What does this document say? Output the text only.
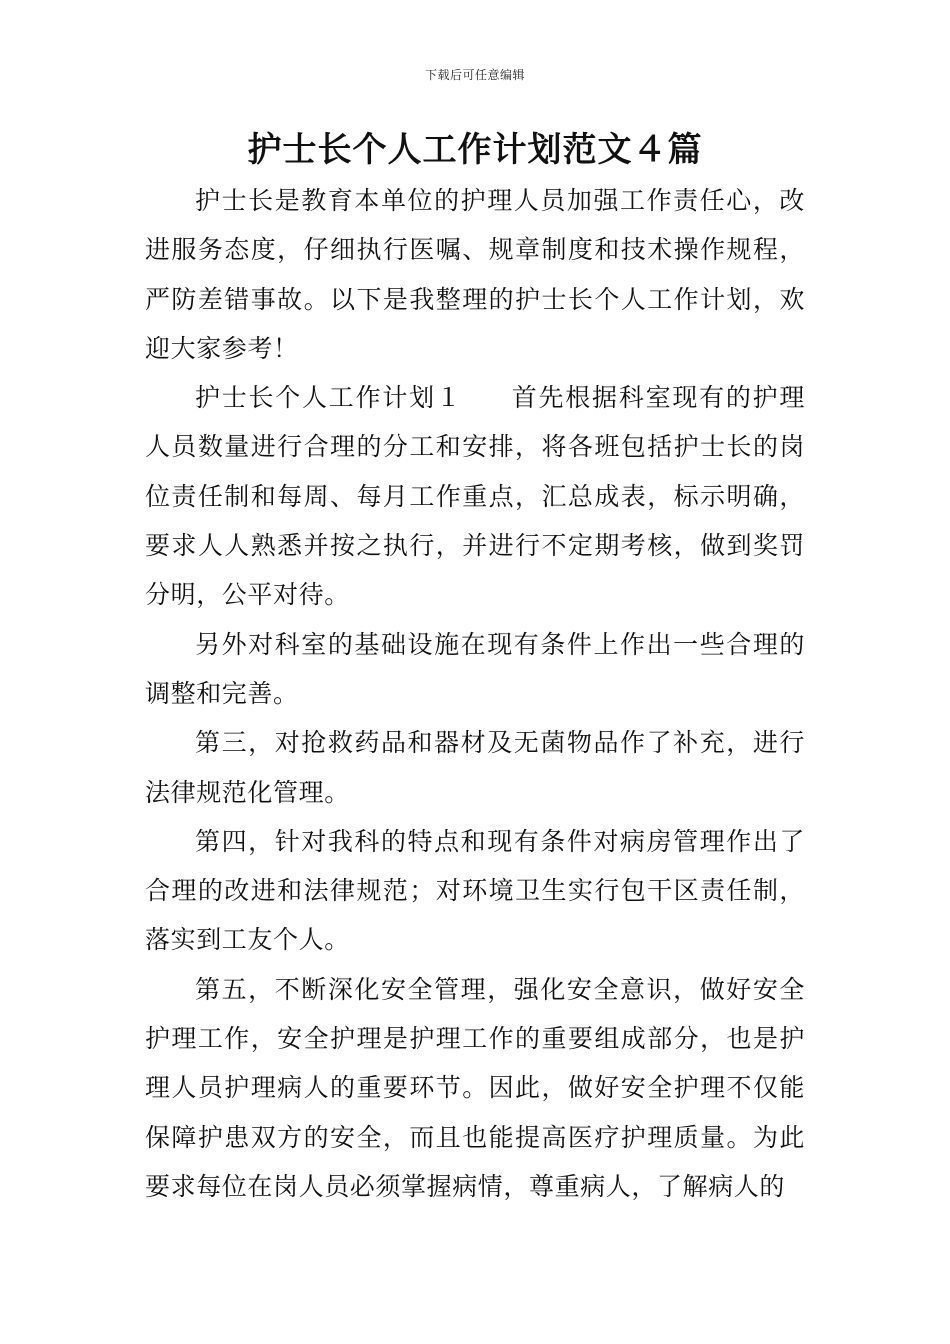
下载后可任意编辑
护士长个人工作计划范文４篇

护士长是教育本单位的护理人员加强工作责任心，改进服务态度，仔细执行医嘱、规章制度和技术操作规程，严防差错事故。以下是我整理的护士长个人工作计划，欢迎大家参考！

护士长个人工作计划１ 首先根据科室现有的护理人员数量进行合理的分工和安排，将各班包括护士长的岗位责任制和每周、每月工作重点，汇总成表，标示明确，要求人人熟悉并按之执行，并进行不定期考核，做到奖罚分明，公平对待。

另外对科室的基础设施在现有条件上作出一些合理的调整和完善。

第三，对抢救药品和器材及无菌物品作了补充，进行法律规范化管理。

第四，针对我科的特点和现有条件对病房管理作出了合理的改进和法律规范；对环境卫生实行包干区责任制，落实到工友个人。

第五，不断深化安全管理，强化安全意识，做好安全护理工作，安全护理是护理工作的重要组成部分，也是护理人员护理病人的重要环节。因此，做好安全护理不仅能保障护患双方的安全，而且也能提高医疗护理质量。为此要求每位在岗人员必须掌握病情，尊重病人，了解病人的
